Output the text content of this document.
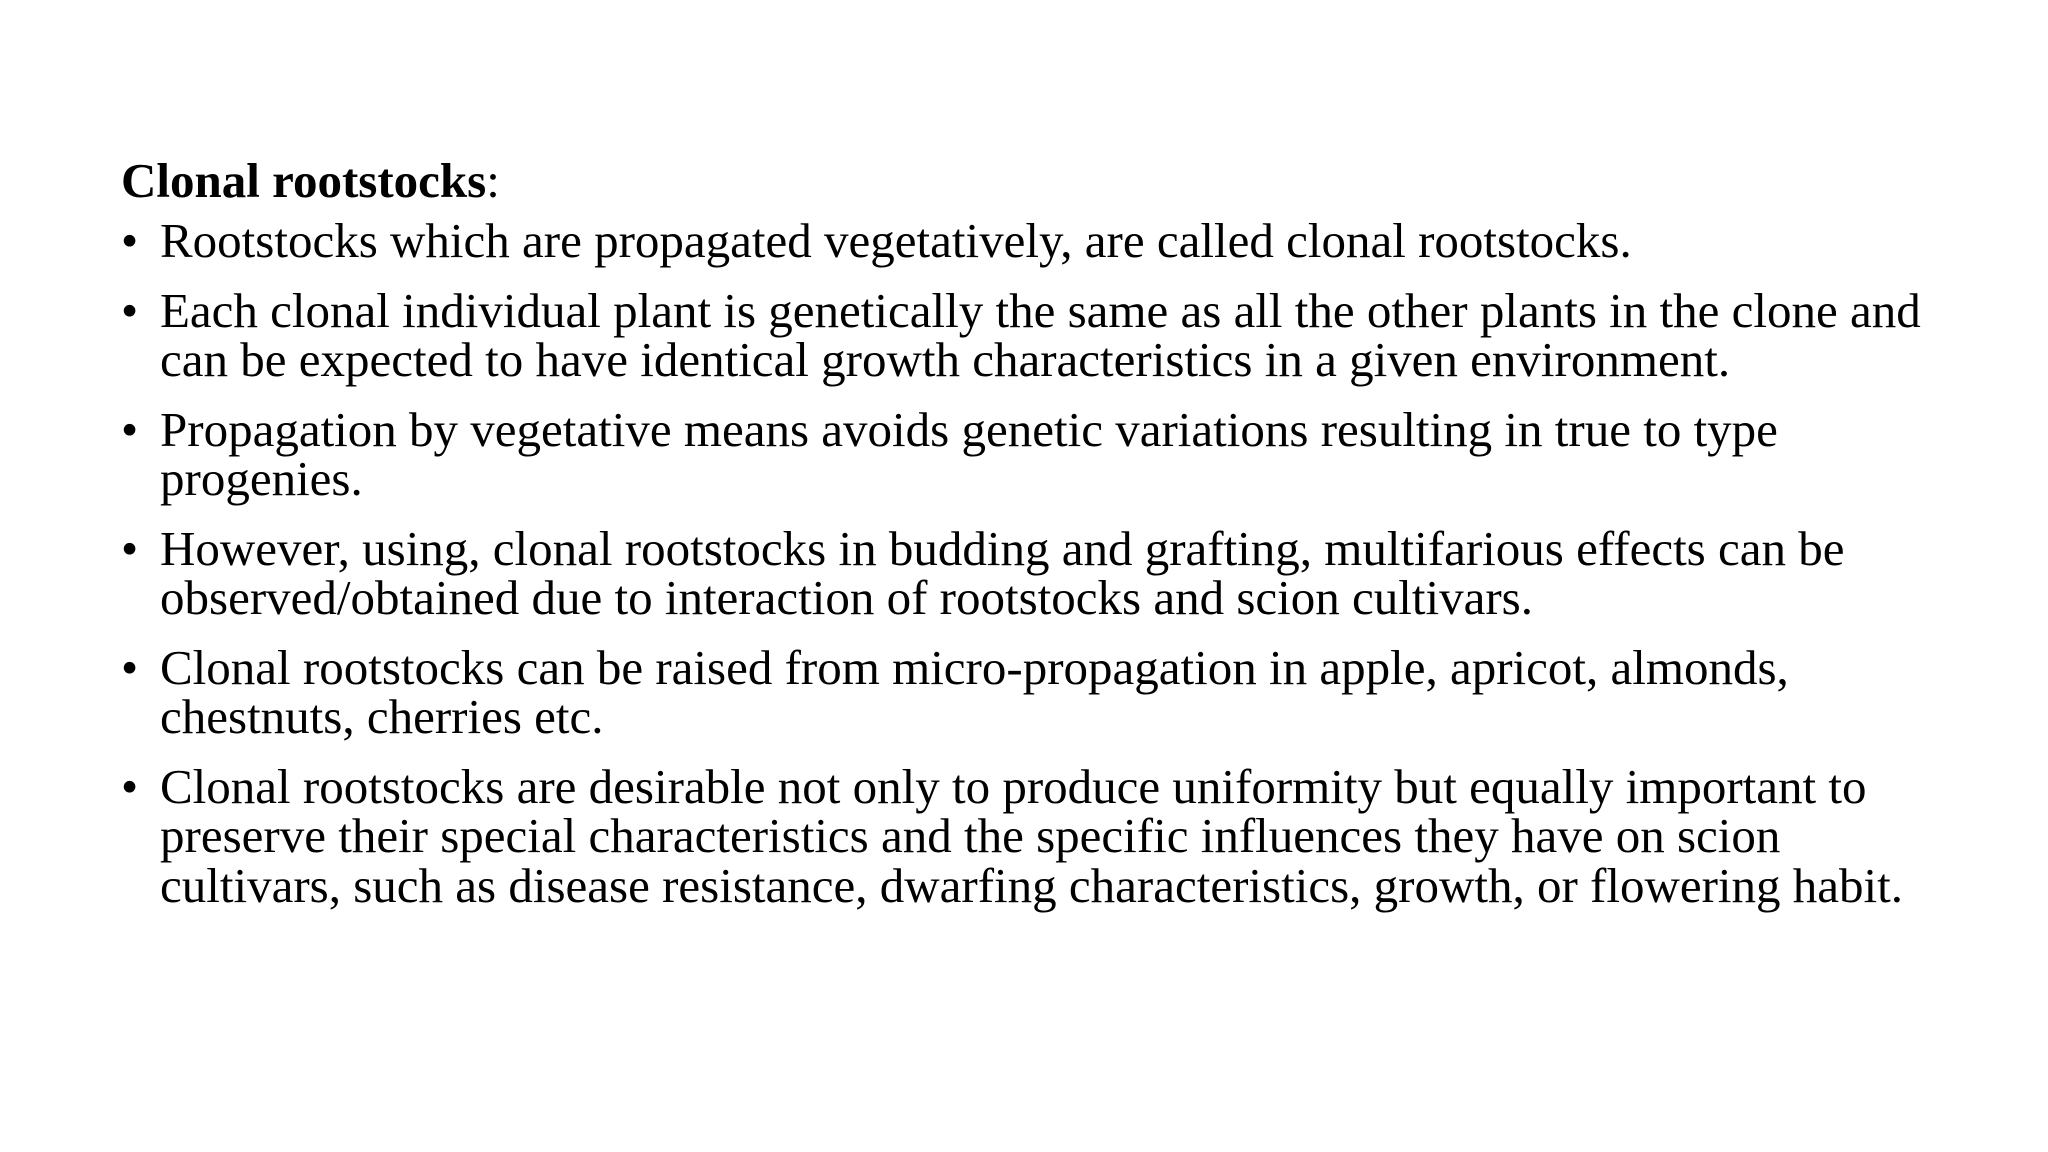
Clonal rootstocks:
• Rootstocks which are propagated vegetatively, are called clonal rootstocks.
• Each clonal individual plant is genetically the same as all the other plants in the clone and can be expected to have identical growth characteristics in a given environment.
• Propagation by vegetative means avoids genetic variations resulting in true to type progenies.
• However, using, clonal rootstocks in budding and grafting, multifarious effects can be observed/obtained due to interaction of rootstocks and scion cultivars.
• Clonal rootstocks can be raised from micro-propagation in apple, apricot, almonds, chestnuts, cherries etc.
• Clonal rootstocks are desirable not only to produce uniformity but equally important to preserve their special characteristics and the specific influences they have on scion cultivars, such as disease resistance, dwarfing characteristics, growth, or flowering habit.
